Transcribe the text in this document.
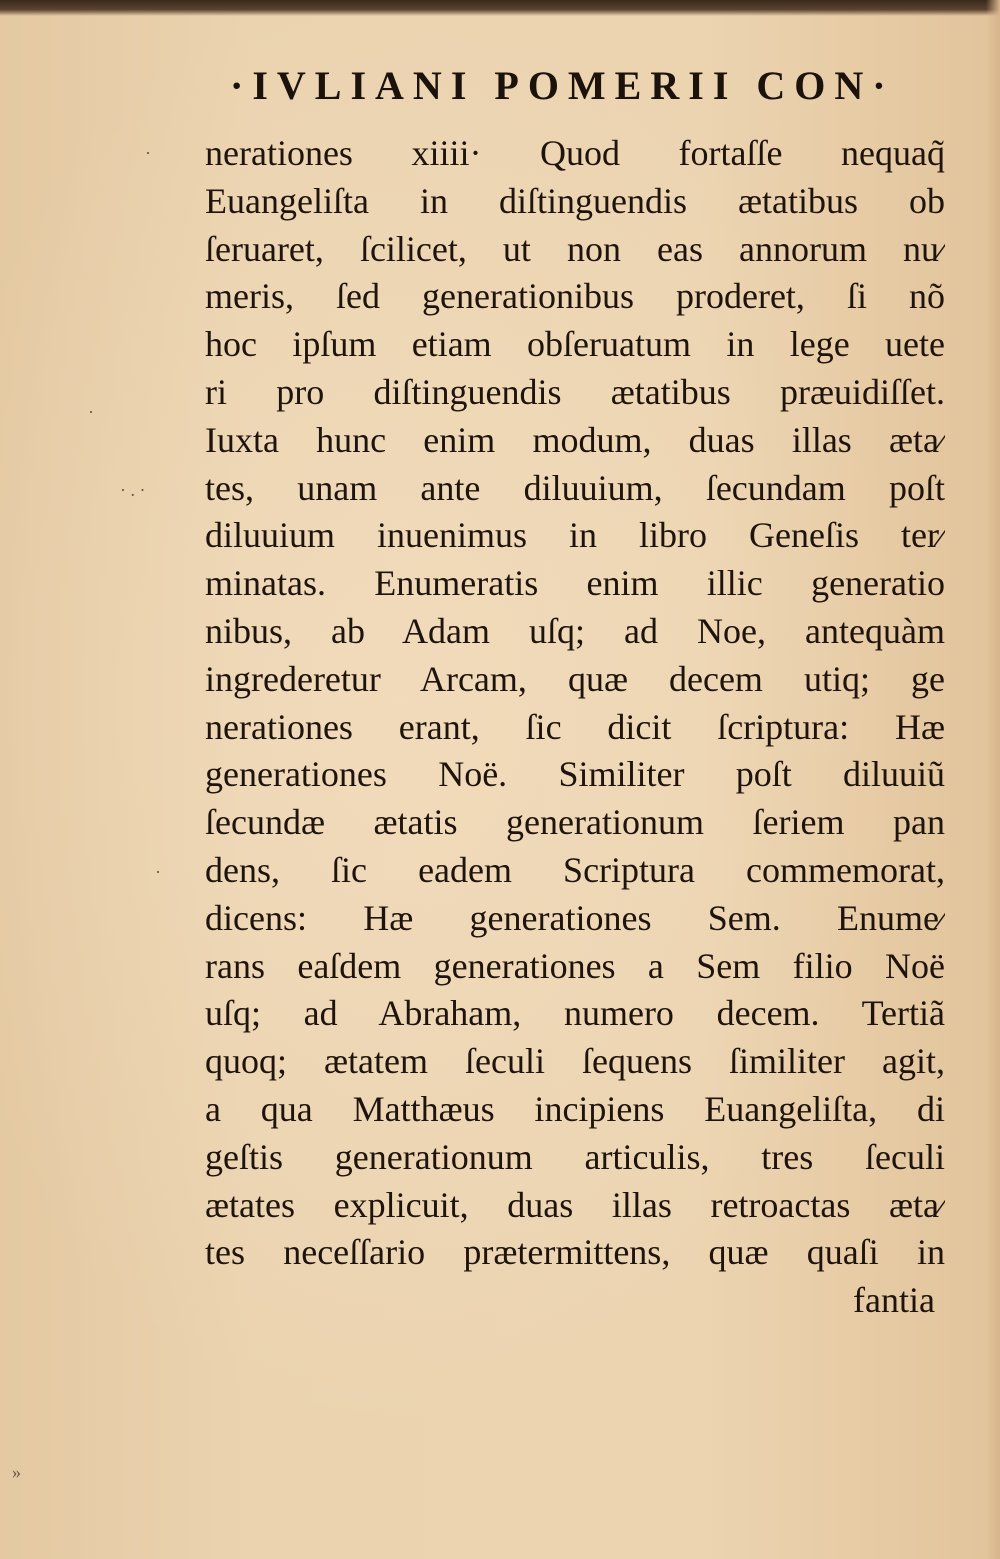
·IVLIANI POMERII CON·
nerationes xiiii· Quod fortaſſe nequaq̃
Euangeliſta in diſtinguendis ætatibus ob
ſeruaret, ſcilicet, ut non eas annorum nu⁄
meris, ſed generationibus proderet, ſi nõ
hoc ipſum etiam obſeruatum in lege uete
ri pro diſtinguendis ætatibus præuidiſſet.
Iuxta hunc enim modum, duas illas æta⁄
tes, unam ante diluuium, ſecundam poſt
diluuium inuenimus in libro Geneſis ter⁄
minatas. Enumeratis enim illic generatio
nibus, ab Adam uſq; ad Noe, antequàm
ingrederetur Arcam, quæ decem utiq; ge
nerationes erant, ſic dicit ſcriptura: Hæ
generationes Noë. Similiter poſt diluuiũ
ſecundæ ætatis generationum ſeriem pan
dens, ſic eadem Scriptura commemorat,
dicens: Hæ generationes Sem. Enume⁄
rans eaſdem generationes a Sem filio Noë
uſq; ad Abraham, numero decem. Tertiã
quoq; ætatem ſeculi ſequens ſimiliter agit,
a qua Matthæus incipiens Euangeliſta, di
geſtis generationum articulis, tres ſeculi
ætates explicuit, duas illas retroactas æta⁄
tes neceſſario prætermittens, quæ quaſi in
fantia
·
·
· . ·
·
»
